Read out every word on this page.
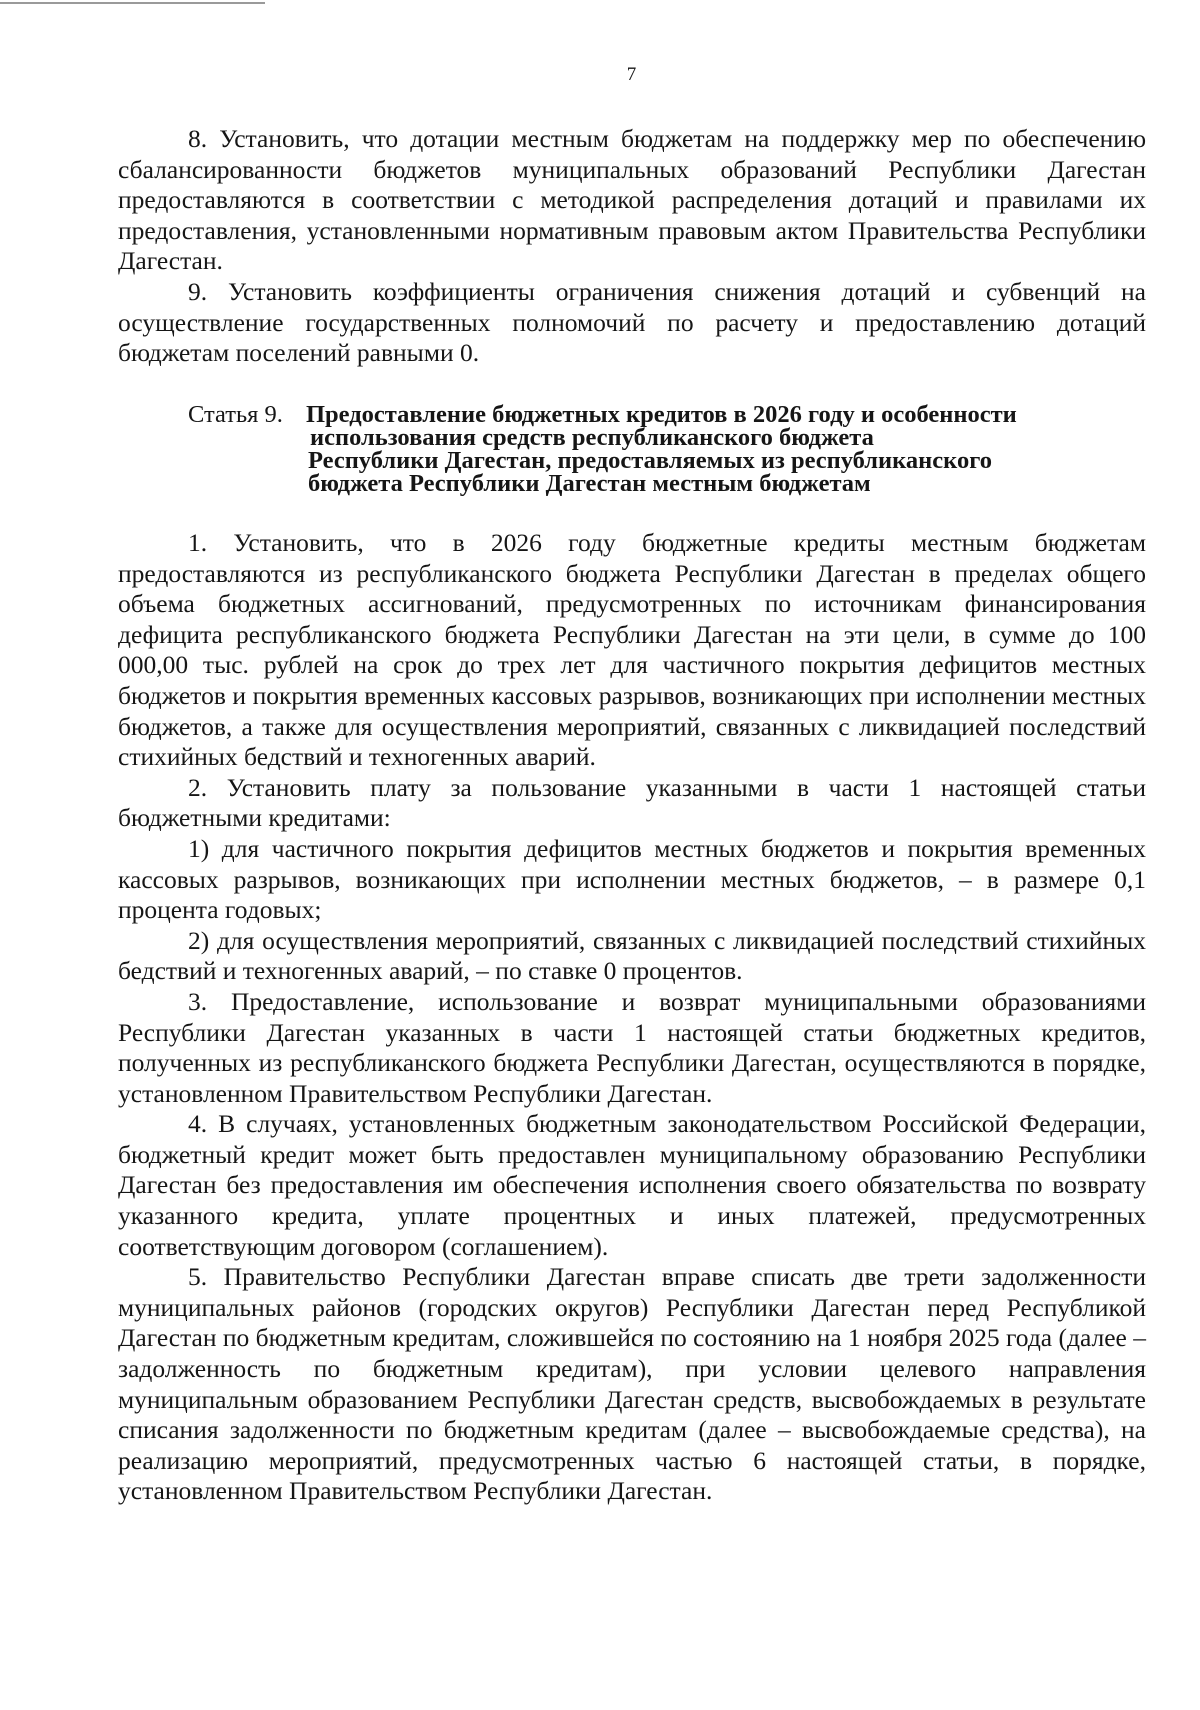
7

8. Установить, что дотации местным бюджетам на поддержку мер по обеспечению сбалансированности бюджетов муниципальных образований Республики Дагестан предоставляются в соответствии с методикой распределения дотаций и правилами их предоставления, установленными нормативным правовым актом Правительства Республики Дагестан.

9. Установить коэффициенты ограничения снижения дотаций и субвенций на осуществление государственных полномочий по расчету и предоставлению дотаций бюджетам поселений равными 0.

Статья 9. Предоставление бюджетных кредитов в 2026 году и особенности
использования средств республиканского бюджета
Республики Дагестан, предоставляемых из республиканского
бюджета Республики Дагестан местным бюджетам

1. Установить, что в 2026 году бюджетные кредиты местным бюджетам предоставляются из республиканского бюджета Республики Дагестан в пределах общего объема бюджетных ассигнований, предусмотренных по источникам финансирования дефицита республиканского бюджета Республики Дагестан на эти цели, в сумме до 100 000,00 тыс. рублей на срок до трех лет для частичного покрытия дефицитов местных бюджетов и покрытия временных кассовых разрывов, возникающих при исполнении местных бюджетов, а также для осуществления мероприятий, связанных с ликвидацией последствий стихийных бедствий и техногенных аварий.

2. Установить плату за пользование указанными в части 1 настоящей статьи бюджетными кредитами:

1) для частичного покрытия дефицитов местных бюджетов и покрытия временных кассовых разрывов, возникающих при исполнении местных бюджетов, – в размере 0,1 процента годовых;

2) для осуществления мероприятий, связанных с ликвидацией последствий стихийных бедствий и техногенных аварий, – по ставке 0 процентов.

3. Предоставление, использование и возврат муниципальными образованиями Республики Дагестан указанных в части 1 настоящей статьи бюджетных кредитов, полученных из республиканского бюджета Республики Дагестан, осуществляются в порядке, установленном Правительством Республики Дагестан.

4. В случаях, установленных бюджетным законодательством Российской Федерации, бюджетный кредит может быть предоставлен муниципальному образованию Республики Дагестан без предоставления им обеспечения исполнения своего обязательства по возврату указанного кредита, уплате процентных и иных платежей, предусмотренных соответствующим договором (соглашением).

5. Правительство Республики Дагестан вправе списать две трети задолженности муниципальных районов (городских округов) Республики Дагестан перед Республикой Дагестан по бюджетным кредитам, сложившейся по состоянию на 1 ноября 2025 года (далее – задолженность по бюджетным кредитам), при условии целевого направления муниципальным образованием Республики Дагестан средств, высвобождаемых в результате списания задолженности по бюджетным кредитам (далее – высвобождаемые средства), на реализацию мероприятий, предусмотренных частью 6 настоящей статьи, в порядке, установленном Правительством Республики Дагестан.
